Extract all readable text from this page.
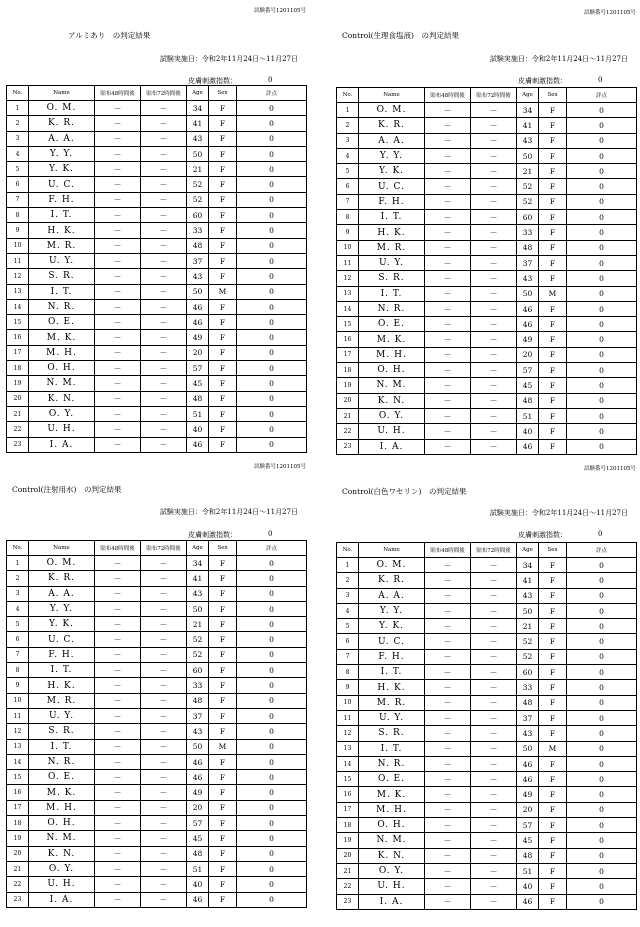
試験番号1201105号
アルミあり　の判定結果
試験実施日：令和2年11月24日～11月27日
皮膚刺激指数：	0
No.	Name	貼布48時間後	貼布72時間後	Age	Sex	評点
1	O. M.	－	－	34	F	0
2	K. R.	－	－	41	F	0
3	A. A.	－	－	43	F	0
4	Y. Y.	－	－	50	F	0
5	Y. K.	－	－	21	F	0
6	U. C.	－	－	52	F	0
7	F. H.	－	－	52	F	0
8	I. T.	－	－	60	F	0
9	H. K.	－	－	33	F	0
10	M. R.	－	－	48	F	0
11	U. Y.	－	－	37	F	0
12	S. R.	－	－	43	F	0
13	I. T.	－	－	50	M	0
14	N. R.	－	－	46	F	0
15	O. E.	－	－	46	F	0
16	M. K.	－	－	49	F	0
17	M. H.	－	－	20	F	0
18	O. H.	－	－	57	F	0
19	N. M.	－	－	45	F	0
20	K. N.	－	－	48	F	0
21	O. Y.	－	－	51	F	0
22	U. H.	－	－	40	F	0
23	I. A.	－	－	46	F	0
試験番号1201105号
Control(生理食塩液)　の判定結果
試験実施日：令和2年11月24日～11月27日
皮膚刺激指数：	0
No.	Name	貼布48時間後	貼布72時間後	Age	Sex	評点
1	O. M.	－	－	34	F	0
2	K. R.	－	－	41	F	0
3	A. A.	－	－	43	F	0
4	Y. Y.	－	－	50	F	0
5	Y. K.	－	－	21	F	0
6	U. C.	－	－	52	F	0
7	F. H.	－	－	52	F	0
8	I. T.	－	－	60	F	0
9	H. K.	－	－	33	F	0
10	M. R.	－	－	48	F	0
11	U. Y.	－	－	37	F	0
12	S. R.	－	－	43	F	0
13	I. T.	－	－	50	M	0
14	N. R.	－	－	46	F	0
15	O. E.	－	－	46	F	0
16	M. K.	－	－	49	F	0
17	M. H.	－	－	20	F	0
18	O. H.	－	－	57	F	0
19	N. M.	－	－	45	F	0
20	K. N.	－	－	48	F	0
21	O. Y.	－	－	51	F	0
22	U. H.	－	－	40	F	0
23	I. A.	－	－	46	F	0
試験番号1201105号
Control(注射用水)　の判定結果
試験実施日：令和2年11月24日～11月27日
皮膚刺激指数：	0
No.	Name	貼布48時間後	貼布72時間後	Age	Sex	評点
1	O. M.	－	－	34	F	0
2	K. R.	－	－	41	F	0
3	A. A.	－	－	43	F	0
4	Y. Y.	－	－	50	F	0
5	Y. K.	－	－	21	F	0
6	U. C.	－	－	52	F	0
7	F. H.	－	－	52	F	0
8	I. T.	－	－	60	F	0
9	H. K.	－	－	33	F	0
10	M. R.	－	－	48	F	0
11	U. Y.	－	－	37	F	0
12	S. R.	－	－	43	F	0
13	I. T.	－	－	50	M	0
14	N. R.	－	－	46	F	0
15	O. E.	－	－	46	F	0
16	M. K.	－	－	49	F	0
17	M. H.	－	－	20	F	0
18	O. H.	－	－	57	F	0
19	N. M.	－	－	45	F	0
20	K. N.	－	－	48	F	0
21	O. Y.	－	－	51	F	0
22	U. H.	－	－	40	F	0
23	I. A.	－	－	46	F	0
試験番号1201105号
Control(白色ワセリン)　の判定結果
試験実施日：令和2年11月24日～11月27日
皮膚刺激指数：	0
No.	Name	貼布48時間後	貼布72時間後	Age	Sex	評点
1	O. M.	－	－	34	F	0
2	K. R.	－	－	41	F	0
3	A. A.	－	－	43	F	0
4	Y. Y.	－	－	50	F	0
5	Y. K.	－	－	21	F	0
6	U. C.	－	－	52	F	0
7	F. H.	－	－	52	F	0
8	I. T.	－	－	60	F	0
9	H. K.	－	－	33	F	0
10	M. R.	－	－	48	F	0
11	U. Y.	－	－	37	F	0
12	S. R.	－	－	43	F	0
13	I. T.	－	－	50	M	0
14	N. R.	－	－	46	F	0
15	O. E.	－	－	46	F	0
16	M. K.	－	－	49	F	0
17	M. H.	－	－	20	F	0
18	O. H.	－	－	57	F	0
19	N. M.	－	－	45	F	0
20	K. N.	－	－	48	F	0
21	O. Y.	－	－	51	F	0
22	U. H.	－	－	40	F	0
23	I. A.	－	－	46	F	0
